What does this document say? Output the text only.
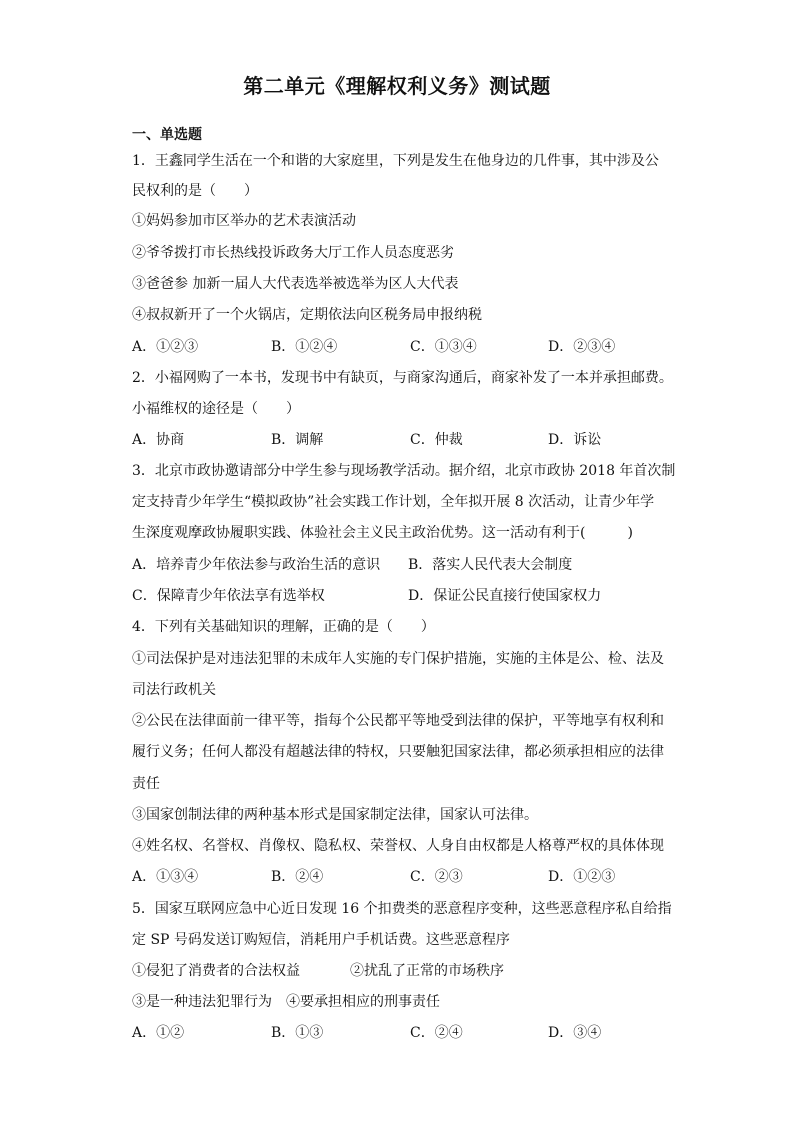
第二单元《理解权利义务》测试题
一、单选题
1．王鑫同学生活在一个和谐的大家庭里，下列是发生在他身边的几件事，其中涉及公
民权利的是（　　）
①妈妈参加市区举办的艺术表演活动
②爷爷拨打市长热线投诉政务大厅工作人员态度恶劣
③爸爸参 加新一届人大代表选举被选举为区人大代表
④叔叔新开了一个火锅店，定期依法向区税务局申报纳税
A．①②③	B．①②④	C．①③④	D．②③④
2．小福网购了一本书，发现书中有缺页，与商家沟通后，商家补发了一本并承担邮费。
小福维权的途径是（　　）
A．协商	B．调解	C．仲裁	D．诉讼
3．北京市政协邀请部分中学生参与现场教学活动。据介绍，北京市政协 2018 年首次制
定支持青少年学生“模拟政协”社会实践工作计划，全年拟开展 8 次活动，让青少年学
生深度观摩政协履职实践、体验社会主义民主政治优势。这一活动有利于(　　　)
A．培养青少年依法参与政治生活的意识 B．落实人民代表大会制度
C．保障青少年依法享有选举权	D．保证公民直接行使国家权力
4．下列有关基础知识的理解，正确的是（　　）
①司法保护是对违法犯罪的未成年人实施的专门保护措施，实施的主体是公、检、法及
司法行政机关
②公民在法律面前一律平等，指每个公民都平等地受到法律的保护，平等地享有权利和
履行义务；任何人都没有超越法律的特权，只要触犯国家法律，都必须承担相应的法律
责任
③国家创制法律的两种基本形式是国家制定法律，国家认可法律。
④姓名权、名誉权、肖像权、隐私权、荣誉权、人身自由权都是人格尊严权的具体体现
A．①③④	B．②④	C．②③	D．①②③
5．国家互联网应急中心近日发现 16 个扣费类的恶意程序变种，这些恶意程序私自给指
定 SP 号码发送订购短信，消耗用户手机话费。这些恶意程序
①侵犯了消费者的合法权益	②扰乱了正常的市场秩序
③是一种违法犯罪行为 ④要承担相应的刑事责任
A．①②	B．①③	C．②④	D．③④
